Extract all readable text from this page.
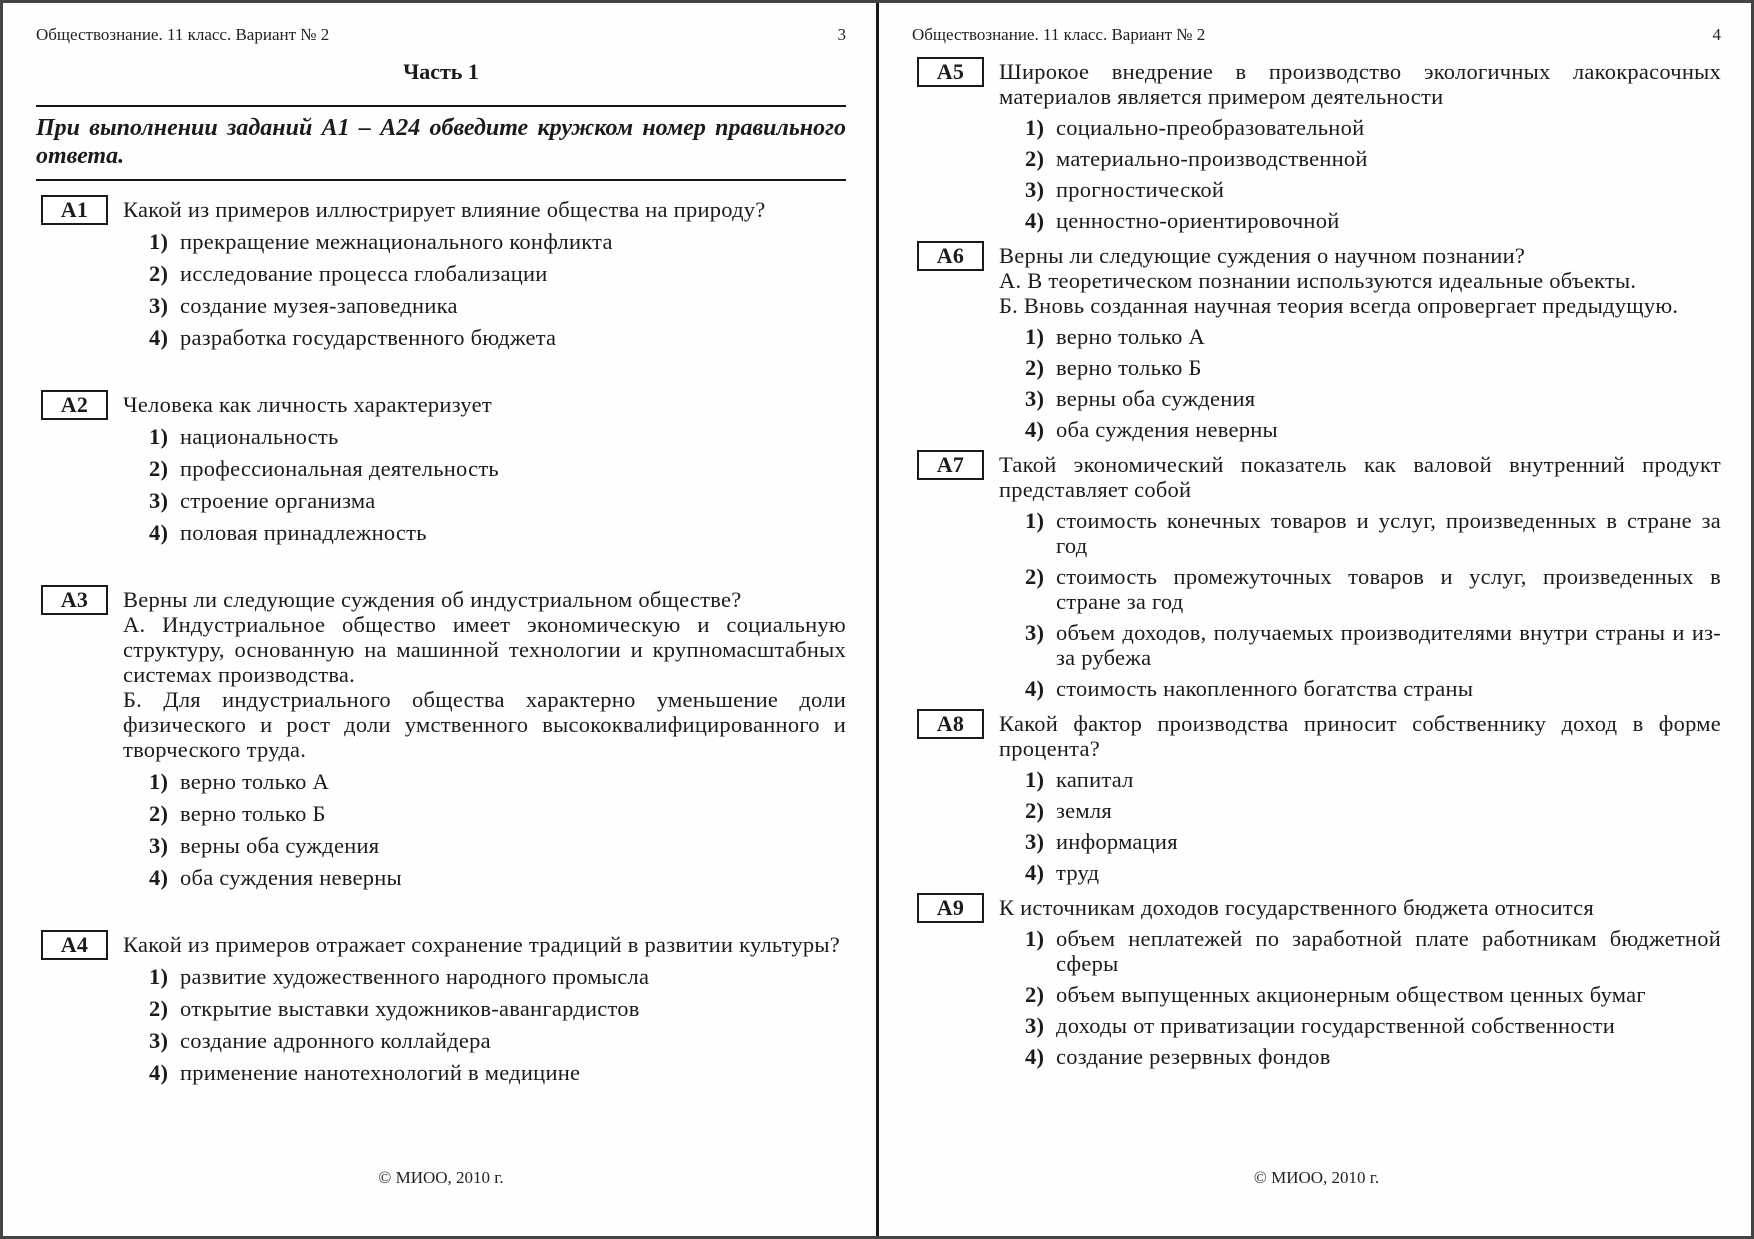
Обществознание. 11 класс. Вариант № 2	3
Часть 1

При выполнении заданий А1 – А24 обведите кружком номер правильного ответа.

А1	Какой из примеров иллюстрирует влияние общества на природу?
1) прекращение межнационального конфликта
2) исследование процесса глобализации
3) создание музея-заповедника
4) разработка государственного бюджета
А2	Человека как личность характеризует
1) национальность
2) профессиональная деятельность
3) строение организма
4) половая принадлежность
А3	Верны ли следующие суждения об индустриальном обществе?
А. Индустриальное общество имеет экономическую и социальную структуру, основанную на машинной технологии и крупномасштабных системах производства.
Б. Для индустриального общества характерно уменьшение доли физического и рост доли умственного высококвалифицированного и творческого труда.
1) верно только А
2) верно только Б
3) верны оба суждения
4) оба суждения неверны
А4	Какой из примеров отражает сохранение традиций в развитии культуры?
1) развитие художественного народного промысла
2) открытие выставки художников-авангардистов
3) создание адронного коллайдера
4) применение нанотехнологий в медицине
© МИОО, 2010 г.
Обществознание. 11 класс. Вариант № 2	4
А5	Широкое внедрение в производство экологичных лакокрасочных материалов является примером деятельности
1) социально-преобразовательной
2) материально-производственной
3) прогностической
4) ценностно-ориентировочной
А6	Верны ли следующие суждения о научном познании?
А. В теоретическом познании используются идеальные объекты.
Б. Вновь созданная научная теория всегда опровергает предыдущую.
1) верно только А
2) верно только Б
3) верны оба суждения
4) оба суждения неверны
А7	Такой экономический показатель как валовой внутренний продукт представляет собой
1) стоимость конечных товаров и услуг, произведенных в стране за год
2) стоимость промежуточных товаров и услуг, произведенных в стране за год
3) объем доходов, получаемых производителями внутри страны и из-за рубежа
4) стоимость накопленного богатства страны
А8	Какой фактор производства приносит собственнику доход в форме процента?
1) капитал
2) земля
3) информация
4) труд
А9	К источникам доходов государственного бюджета относится
1) объем неплатежей по заработной плате работникам бюджетной сферы
2) объем выпущенных акционерным обществом ценных бумаг
3) доходы от приватизации государственной собственности
4) создание резервных фондов
© МИОО, 2010 г.
